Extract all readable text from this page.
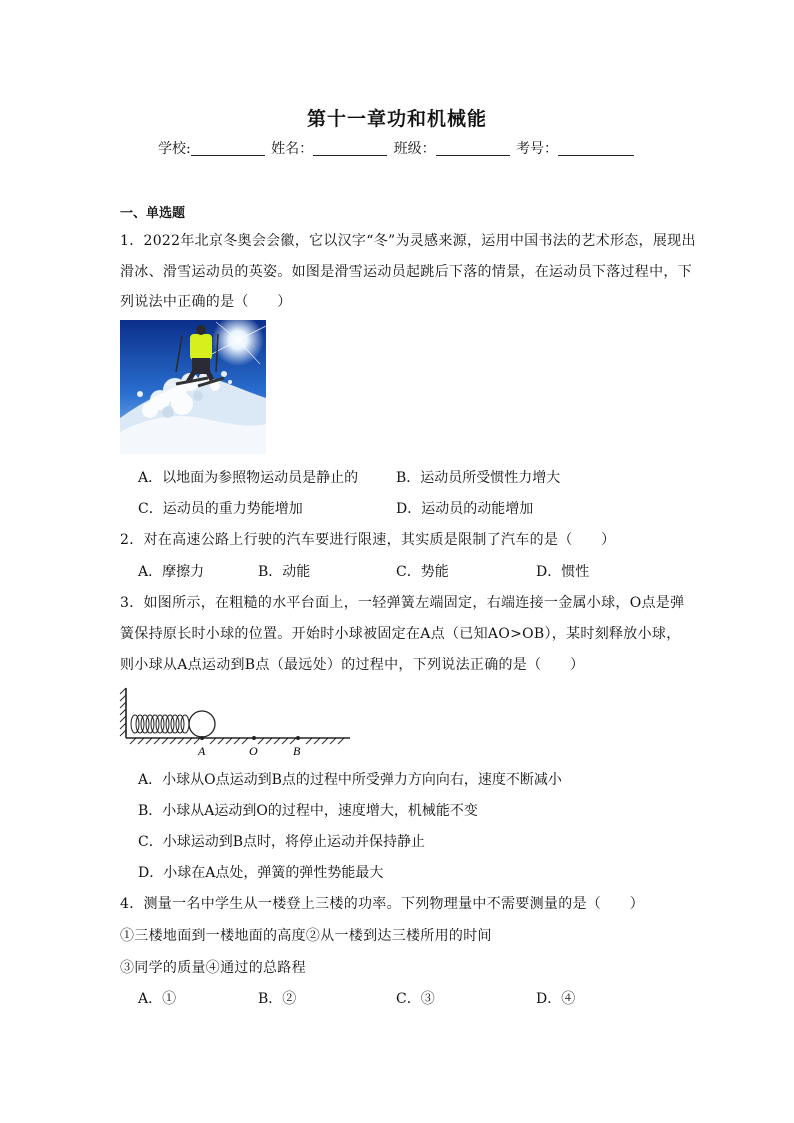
第十一章功和机械能
学校:	姓名：	班级：	考号：
一、单选题
1．2022年北京冬奥会会徽，它以汉字“冬”为灵感来源，运用中国书法的艺术形态，展现出
滑冰、滑雪运动员的英姿。如图是滑雪运动员起跳后下落的情景，在运动员下落过程中，下
列说法中正确的是（　　）
A．以地面为参照物运动员是静止的	B．运动员所受惯性力增大
C．运动员的重力势能增加	D．运动员的动能增加
2．对在高速公路上行驶的汽车要进行限速，其实质是限制了汽车的是（　　）
A．摩擦力	B．动能	C．势能	D．惯性
3．如图所示，在粗糙的水平台面上，一轻弹簧左端固定，右端连接一金属小球，O点是弹
簧保持原长时小球的位置。开始时小球被固定在A点（已知AO>OB），某时刻释放小球，
则小球从A点运动到B点（最远处）的过程中，下列说法正确的是（　　）
A	O	B
A．小球从O点运动到B点的过程中所受弹力方向向右，速度不断减小
B．小球从A运动到O的过程中，速度增大，机械能不变
C．小球运动到B点时，将停止运动并保持静止
D．小球在A点处，弹簧的弹性势能最大
4．测量一名中学生从一楼登上三楼的功率。下列物理量中不需要测量的是（　　）
①三楼地面到一楼地面的高度②从一楼到达三楼所用的时间
③同学的质量④通过的总路程
A．①	B．②	C．③	D．④
